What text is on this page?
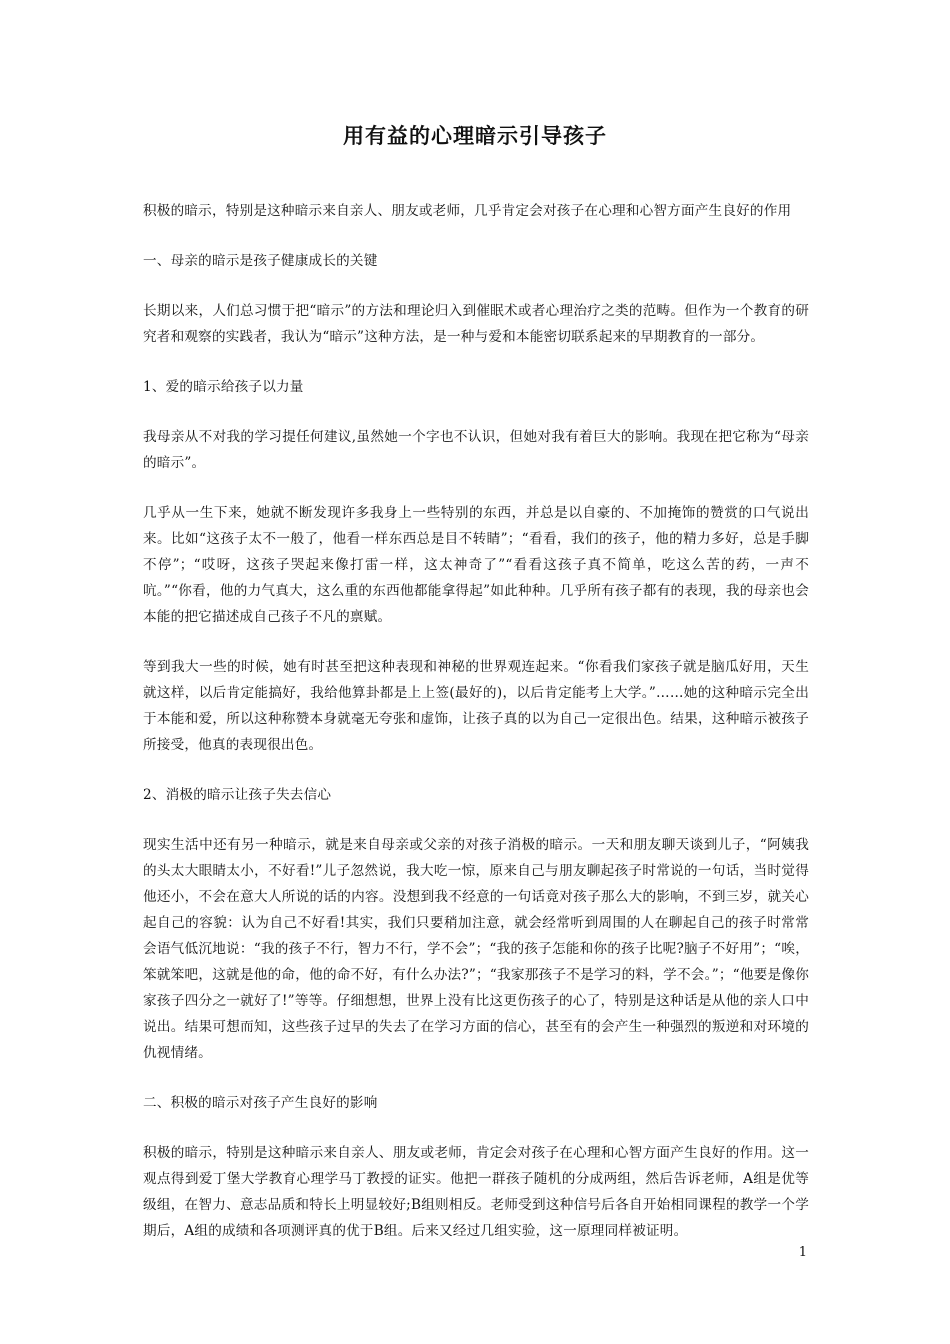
用有益的心理暗示引导孩子

积极的暗示，特别是这种暗示来自亲人、朋友或老师，几乎肯定会对孩子在心理和心智方面产生良好的作用

一、母亲的暗示是孩子健康成长的关键

长期以来，人们总习惯于把“暗示”的方法和理论归入到催眠术或者心理治疗之类的范畴。但作为一个教育的研究者和观察的实践者，我认为“暗示”这种方法，是一种与爱和本能密切联系起来的早期教育的一部分。

1、爱的暗示给孩子以力量

我母亲从不对我的学习提任何建议,虽然她一个字也不认识，但她对我有着巨大的影响。我现在把它称为“母亲的暗示”。

几乎从一生下来，她就不断发现许多我身上一些特别的东西，并总是以自豪的、不加掩饰的赞赏的口气说出来。比如“这孩子太不一般了，他看一样东西总是目不转睛”；“看看，我们的孩子，他的精力多好，总是手脚不停”；“哎呀，这孩子哭起来像打雷一样，这太神奇了”“看看这孩子真不简单，吃这么苦的药，一声不吭。”“你看，他的力气真大，这么重的东西他都能拿得起”如此种种。几乎所有孩子都有的表现，我的母亲也会本能的把它描述成自己孩子不凡的禀赋。

等到我大一些的时候，她有时甚至把这种表现和神秘的世界观连起来。“你看我们家孩子就是脑瓜好用，天生就这样，以后肯定能搞好，我给他算卦都是上上签(最好的)，以后肯定能考上大学。”……她的这种暗示完全出于本能和爱，所以这种称赞本身就毫无夸张和虚饰，让孩子真的以为自己一定很出色。结果，这种暗示被孩子所接受，他真的表现很出色。

2、消极的暗示让孩子失去信心

现实生活中还有另一种暗示，就是来自母亲或父亲的对孩子消极的暗示。一天和朋友聊天谈到儿子，“阿姨我的头太大眼睛太小，不好看!”儿子忽然说，我大吃一惊，原来自己与朋友聊起孩子时常说的一句话，当时觉得他还小，不会在意大人所说的话的内容。没想到我不经意的一句话竟对孩子那么大的影响，不到三岁，就关心起自己的容貌：认为自己不好看!其实，我们只要稍加注意，就会经常听到周围的人在聊起自己的孩子时常常会语气低沉地说：“我的孩子不行，智力不行，学不会”；“我的孩子怎能和你的孩子比呢?脑子不好用”；“唉，笨就笨吧，这就是他的命，他的命不好，有什么办法?”；“我家那孩子不是学习的料，学不会。”；“他要是像你家孩子四分之一就好了!”等等。仔细想想，世界上没有比这更伤孩子的心了，特别是这种话是从他的亲人口中说出。结果可想而知，这些孩子过早的失去了在学习方面的信心，甚至有的会产生一种强烈的叛逆和对环境的仇视情绪。

二、积极的暗示对孩子产生良好的影响

积极的暗示，特别是这种暗示来自亲人、朋友或老师，肯定会对孩子在心理和心智方面产生良好的作用。这一观点得到爱丁堡大学教育心理学马丁教授的证实。他把一群孩子随机的分成两组，然后告诉老师，A组是优等级组，在智力、意志品质和特长上明显较好;B组则相反。老师受到这种信号后各自开始相同课程的教学一个学期后，A组的成绩和各项测评真的优于B组。后来又经过几组实验，这一原理同样被证明。

1
